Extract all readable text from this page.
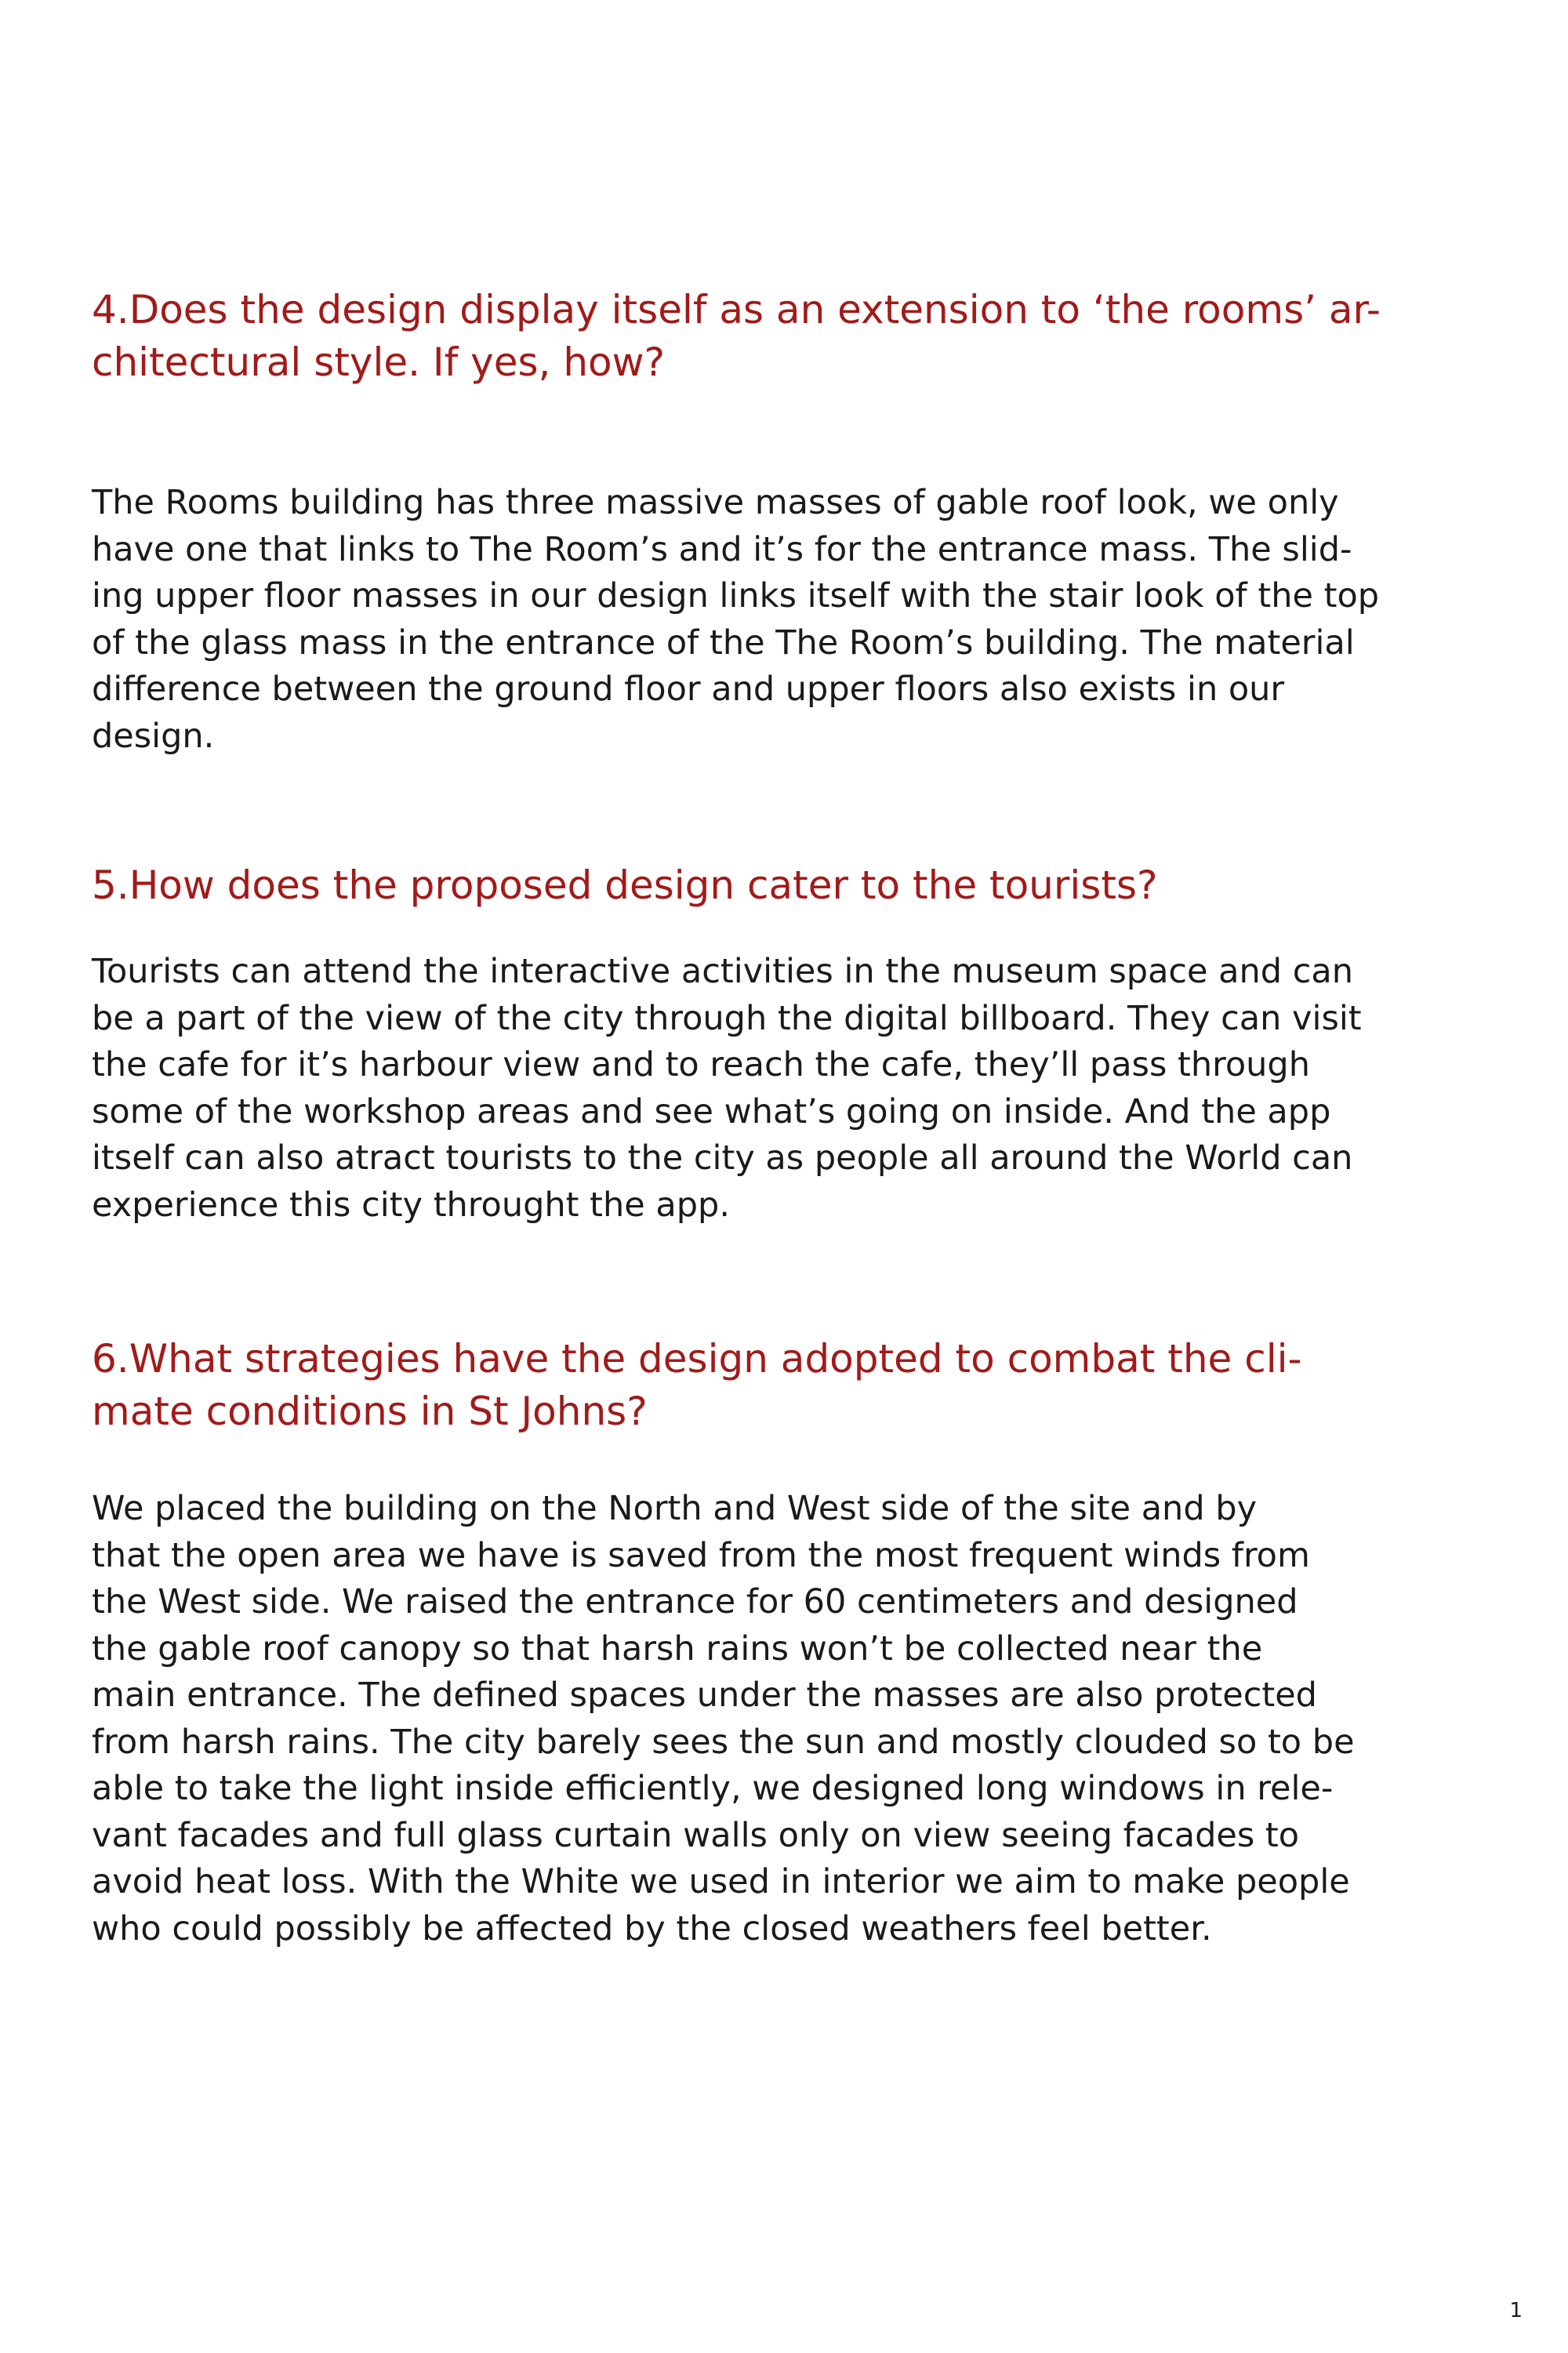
4.Does the design display itself as an extension to ‘the rooms’ ar-
chitectural style. If yes, how?

The Rooms building has three massive masses of gable roof look, we only
have one that links to The Room’s and it’s for the entrance mass. The slid-
ing upper floor masses in our design links itself with the stair look of the top
of the glass mass in the entrance of the The Room’s building. The material
difference between the ground floor and upper floors also exists in our
design.

5.How does the proposed design cater to the tourists?

Tourists can attend the interactive activities in the museum space and can
be a part of the view of the city through the digital billboard. They can visit
the cafe for it’s harbour view and to reach the cafe, they’ll pass through
some of the workshop areas and see what’s going on inside. And the app
itself can also atract tourists to the city as people all around the World can
experience this city throught the app.

6.What strategies have the design adopted to combat the cli-
mate conditions in St Johns?

We placed the building on the North and West side of the site and by
that the open area we have is saved from the most frequent winds from
the West side. We raised the entrance for 60 centimeters and designed
the gable roof canopy so that harsh rains won’t be collected near the
main entrance. The defined spaces under the masses are also protected
from harsh rains. The city barely sees the sun and mostly clouded so to be
able to take the light inside efficiently, we designed long windows in rele-
vant facades and full glass curtain walls only on view seeing facades to
avoid heat loss. With the White we used in interior we aim to make people
who could possibly be affected by the closed weathers feel better.

1
